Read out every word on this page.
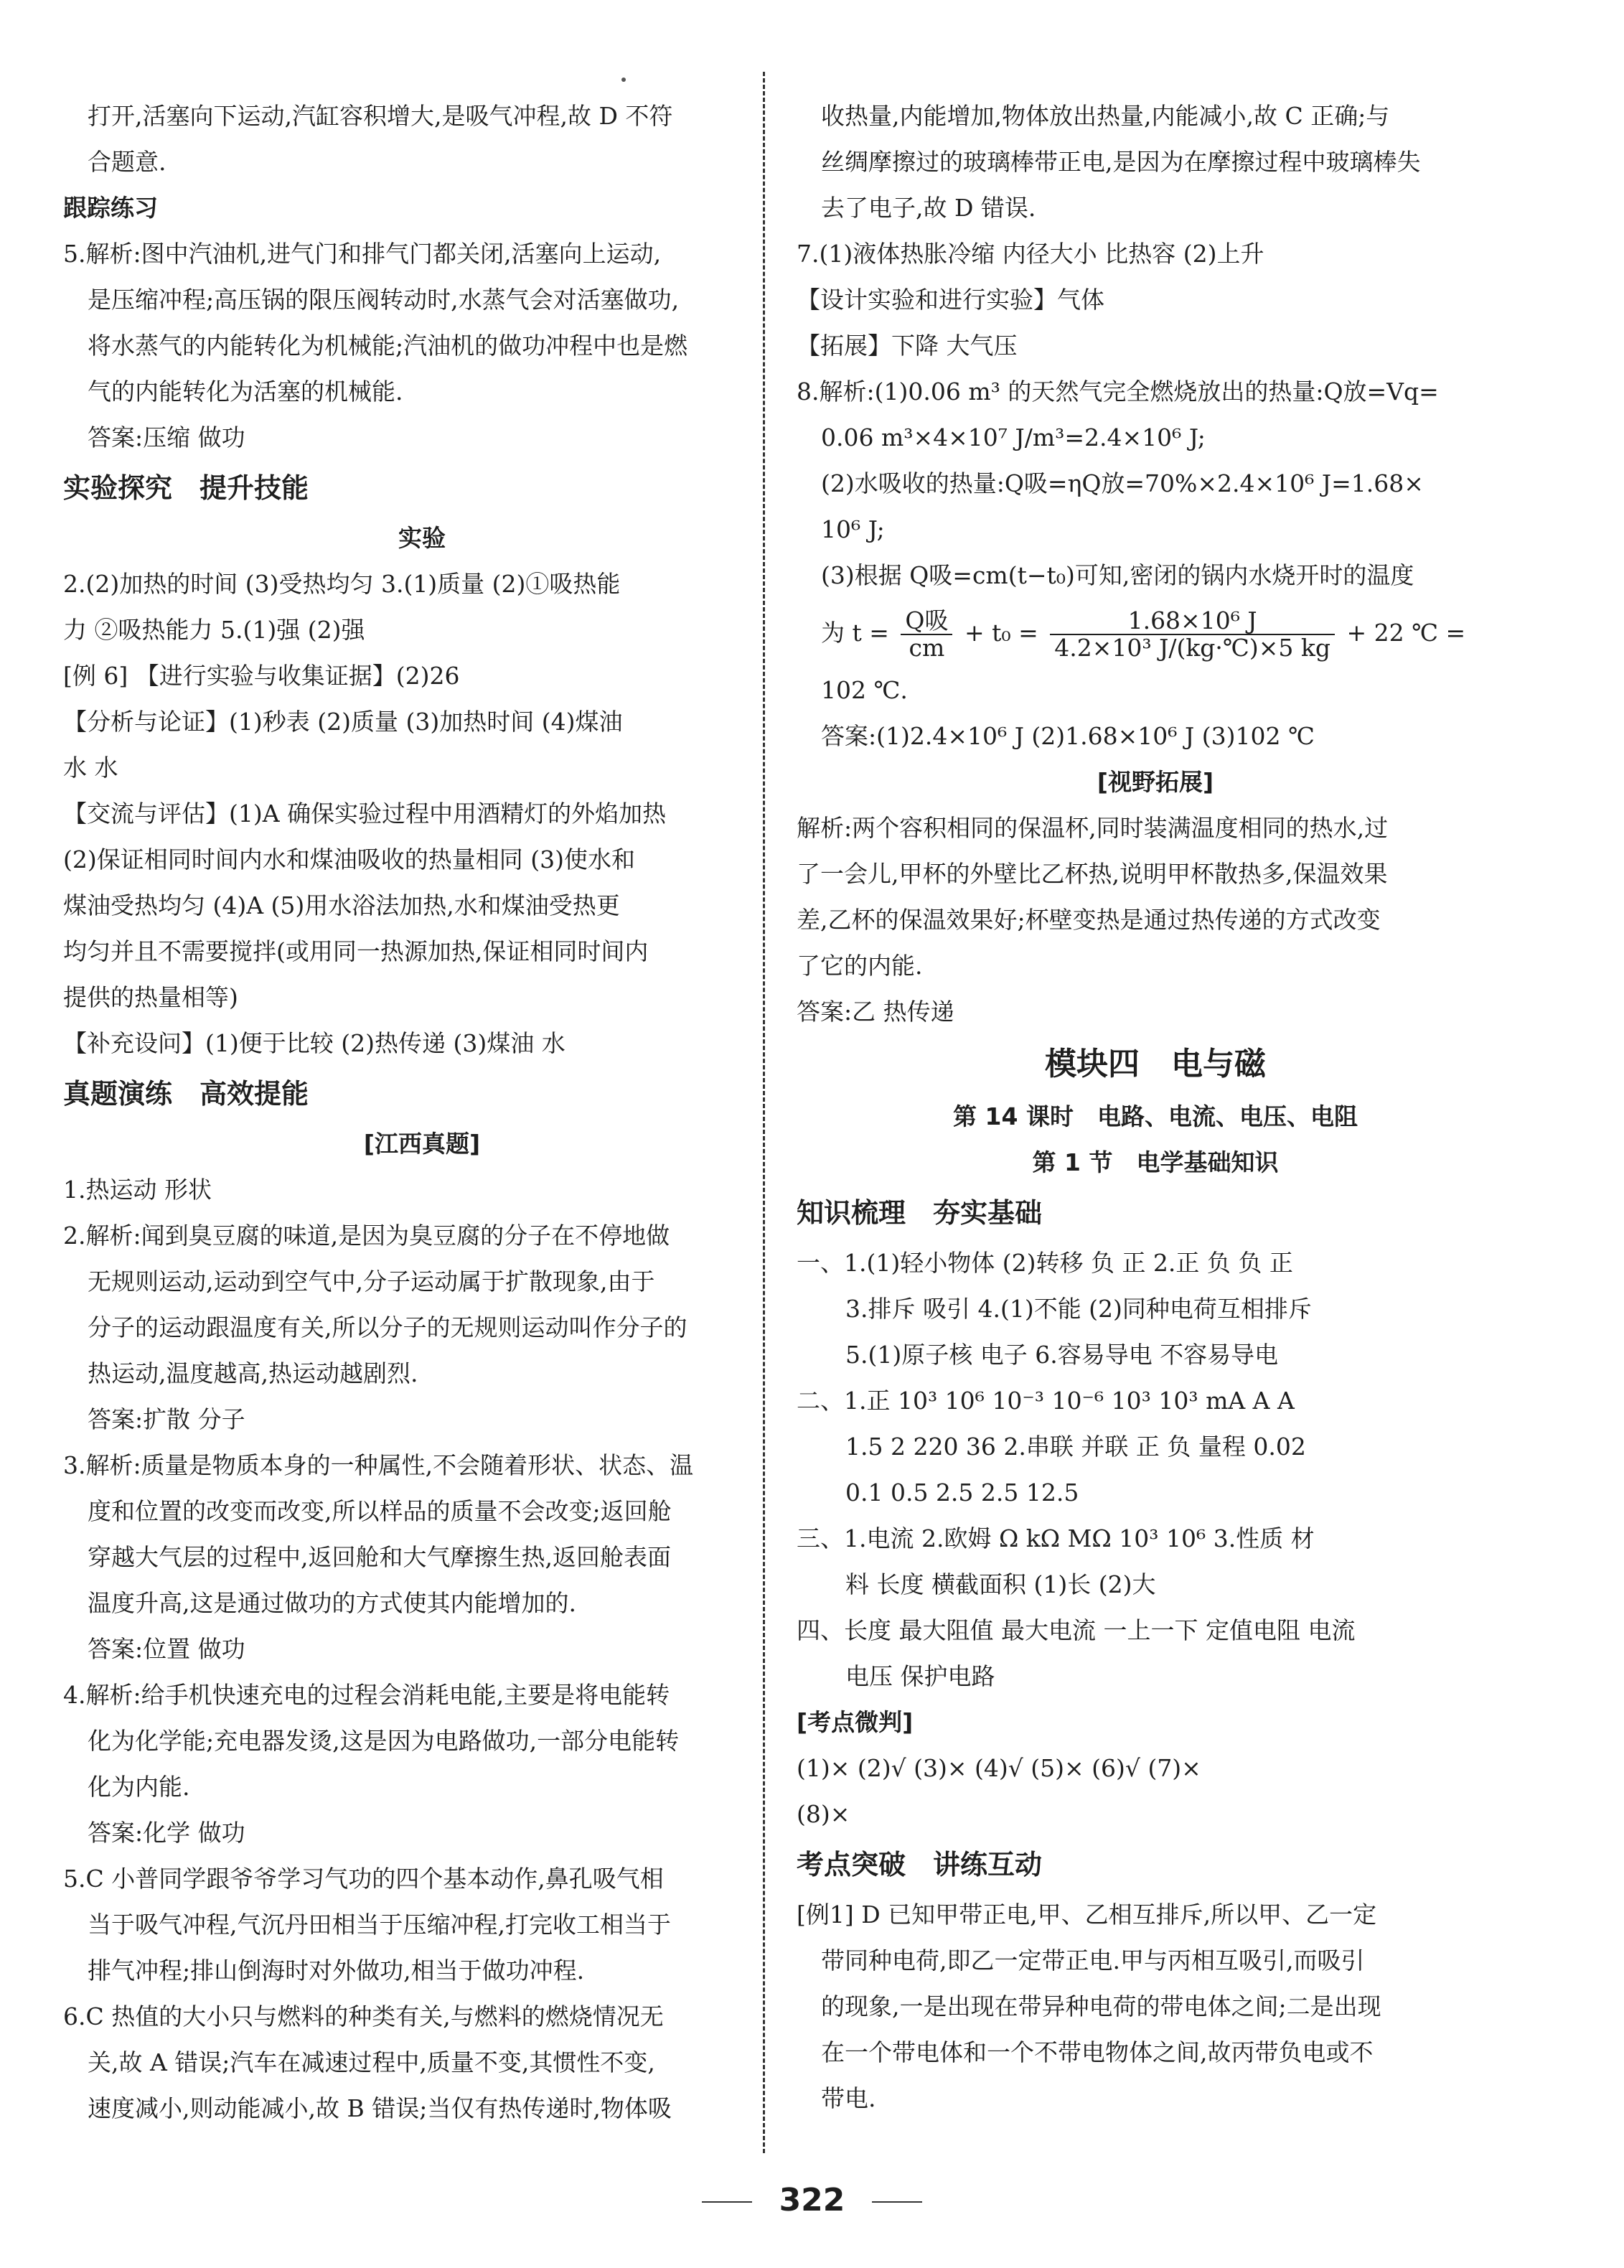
打开,活塞向下运动,汽缸容积增大,是吸气冲程,故 D 不符
合题意.
跟踪练习
5.解析:图中汽油机,进气门和排气门都关闭,活塞向上运动,
是压缩冲程;高压锅的限压阀转动时,水蒸气会对活塞做功,
将水蒸气的内能转化为机械能;汽油机的做功冲程中也是燃
气的内能转化为活塞的机械能.
答案:压缩 做功
实验探究　提升技能
实验
2.(2)加热的时间 (3)受热均匀 3.(1)质量 (2)①吸热能
力 ②吸热能力 5.(1)强 (2)强
[例 6] 【进行实验与收集证据】(2)26
【分析与论证】(1)秒表 (2)质量 (3)加热时间 (4)煤油
水 水
【交流与评估】(1)A 确保实验过程中用酒精灯的外焰加热
(2)保证相同时间内水和煤油吸收的热量相同 (3)使水和
煤油受热均匀 (4)A (5)用水浴法加热,水和煤油受热更
均匀并且不需要搅拌(或用同一热源加热,保证相同时间内
提供的热量相等)
【补充设问】(1)便于比较 (2)热传递 (3)煤油 水
真题演练　高效提能
[江西真题]
1.热运动 形状
2.解析:闻到臭豆腐的味道,是因为臭豆腐的分子在不停地做
无规则运动,运动到空气中,分子运动属于扩散现象,由于
分子的运动跟温度有关,所以分子的无规则运动叫作分子的
热运动,温度越高,热运动越剧烈.
答案:扩散 分子
3.解析:质量是物质本身的一种属性,不会随着形状、状态、温
度和位置的改变而改变,所以样品的质量不会改变;返回舱
穿越大气层的过程中,返回舱和大气摩擦生热,返回舱表面
温度升高,这是通过做功的方式使其内能增加的.
答案:位置 做功
4.解析:给手机快速充电的过程会消耗电能,主要是将电能转
化为化学能;充电器发烫,这是因为电路做功,一部分电能转
化为内能.
答案:化学 做功
5.C 小普同学跟爷爷学习气功的四个基本动作,鼻孔吸气相
当于吸气冲程,气沉丹田相当于压缩冲程,打完收工相当于
排气冲程;排山倒海时对外做功,相当于做功冲程.
6.C 热值的大小只与燃料的种类有关,与燃料的燃烧情况无
关,故 A 错误;汽车在减速过程中,质量不变,其惯性不变,
速度减小,则动能减小,故 B 错误;当仅有热传递时,物体吸
收热量,内能增加,物体放出热量,内能减小,故 C 正确;与
丝绸摩擦过的玻璃棒带正电,是因为在摩擦过程中玻璃棒失
去了电子,故 D 错误.
7.(1)液体热胀冷缩 内径大小 比热容 (2)上升
【设计实验和进行实验】气体
【拓展】下降 大气压
8.解析:(1)0.06 m³ 的天然气完全燃烧放出的热量:Q放=Vq=
0.06 m³×4×10⁷ J/m³=2.4×10⁶ J;
(2)水吸收的热量:Q吸=ηQ放=70%×2.4×10⁶ J=1.68×
10⁶ J;
(3)根据 Q吸=cm(t−t₀)可知,密闭的锅内水烧开时的温度
为 $t = \frac{\text{Q吸}}{cm} + t_0 = \frac{\text{1.68×10⁶ J}}{\text{4.2×10³ J/(kg·℃)×5 kg}} + 22$ ℃ =
102 ℃.
答案:(1)2.4×10⁶ J (2)1.68×10⁶ J (3)102 ℃
[视野拓展]
解析:两个容积相同的保温杯,同时装满温度相同的热水,过
了一会儿,甲杯的外壁比乙杯热,说明甲杯散热多,保温效果
差,乙杯的保温效果好;杯壁变热是通过热传递的方式改变
了它的内能.
答案:乙 热传递
模块四　电与磁
第 14 课时　电路、电流、电压、电阻
第 1 节　电学基础知识
知识梳理　夯实基础
一、1.(1)轻小物体 (2)转移 负 正 2.正 负 负 正
3.排斥 吸引 4.(1)不能 (2)同种电荷互相排斥
5.(1)原子核 电子 6.容易导电 不容易导电
二、1.正 10³ 10⁶ 10⁻³ 10⁻⁶ 10³ 10³ mA A A
1.5 2 220 36 2.串联 并联 正 负 量程 0.02
0.1 0.5 2.5 2.5 12.5
三、1.电流 2.欧姆 Ω kΩ MΩ 10³ 10⁶ 3.性质 材
料 长度 横截面积 (1)长 (2)大
四、长度 最大阻值 最大电流 一上一下 定值电阻 电流
电压 保护电路
[考点微判]
(1)× (2)√ (3)× (4)√ (5)× (6)√ (7)×
(8)×
考点突破　讲练互动
[例1] D 已知甲带正电,甲、乙相互排斥,所以甲、乙一定
带同种电荷,即乙一定带正电.甲与丙相互吸引,而吸引
的现象,一是出现在带异种电荷的带电体之间;二是出现
在一个带电体和一个不带电物体之间,故丙带负电或不
带电.
322
